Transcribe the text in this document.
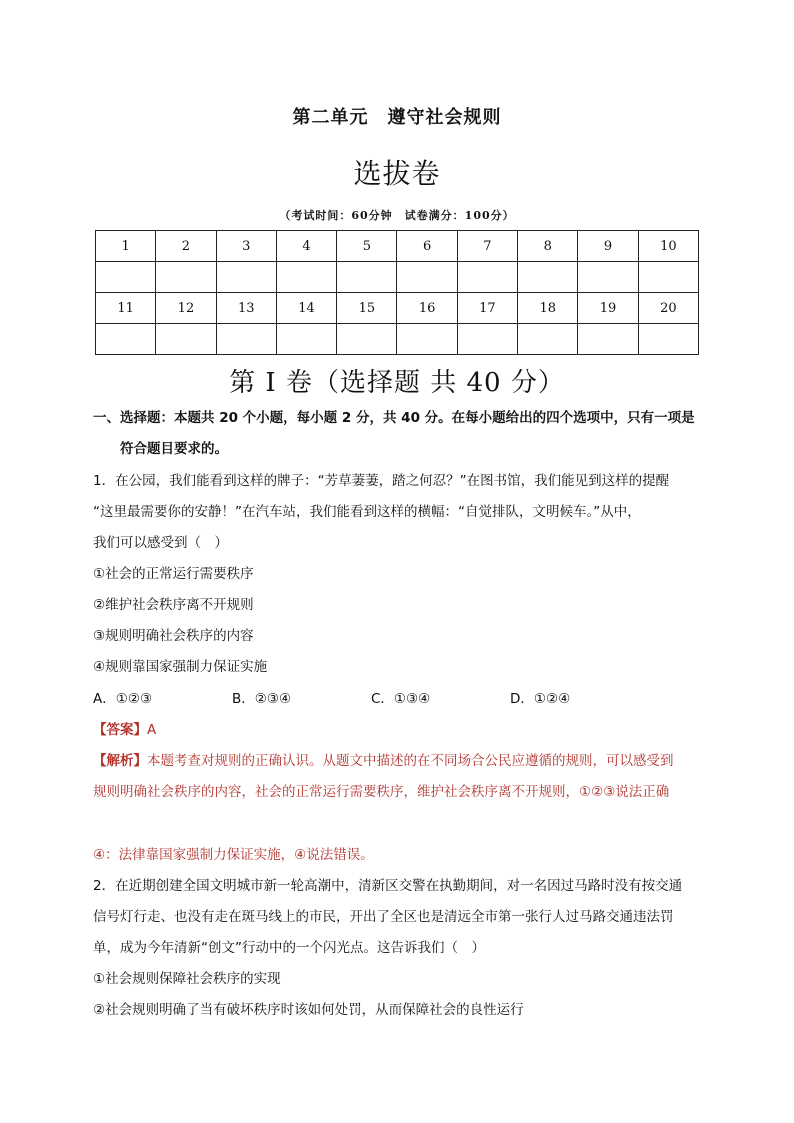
第二单元　遵守社会规则
选拔卷
（考试时间：60分钟　试卷满分：100分）
1	2	3	4	5	6	7	8	9	10

11	12	13	14	15	16	17	18	19	20

第 I 卷（选择题 共 40 分）
一、选择题：本题共 20 个小题，每小题 2 分，共 40 分。在每小题给出的四个选项中，只有一项是
符合题目要求的。
1．在公园，我们能看到这样的牌子：“芳草萋萋，踏之何忍？”在图书馆，我们能见到这样的提醒
“这里最需要你的安静！”在汽车站，我们能看到这样的横幅：“自觉排队，文明候车。”从中，
我们可以感受到（　）
①社会的正常运行需要秩序
②维护社会秩序离不开规则
③规则明确社会秩序的内容
④规则靠国家强制力保证实施
A．①②③	B．②③④	C．①③④	D．①②④
【答案】A
【解析】本题考查对规则的正确认识。从题文中描述的在不同场合公民应遵循的规则，可以感受到
规则明确社会秩序的内容，社会的正常运行需要秩序，维护社会秩序离不开规则，①②③说法正确
④：法律靠国家强制力保证实施，④说法错误。
2．在近期创建全国文明城市新一轮高潮中，清新区交警在执勤期间，对一名因过马路时没有按交通
信号灯行走、也没有走在斑马线上的市民，开出了全区也是清远全市第一张行人过马路交通违法罚
单，成为今年清新“创文”行动中的一个闪光点。这告诉我们（　）
①社会规则保障社会秩序的实现
②社会规则明确了当有破坏秩序时该如何处罚，从而保障社会的良性运行
